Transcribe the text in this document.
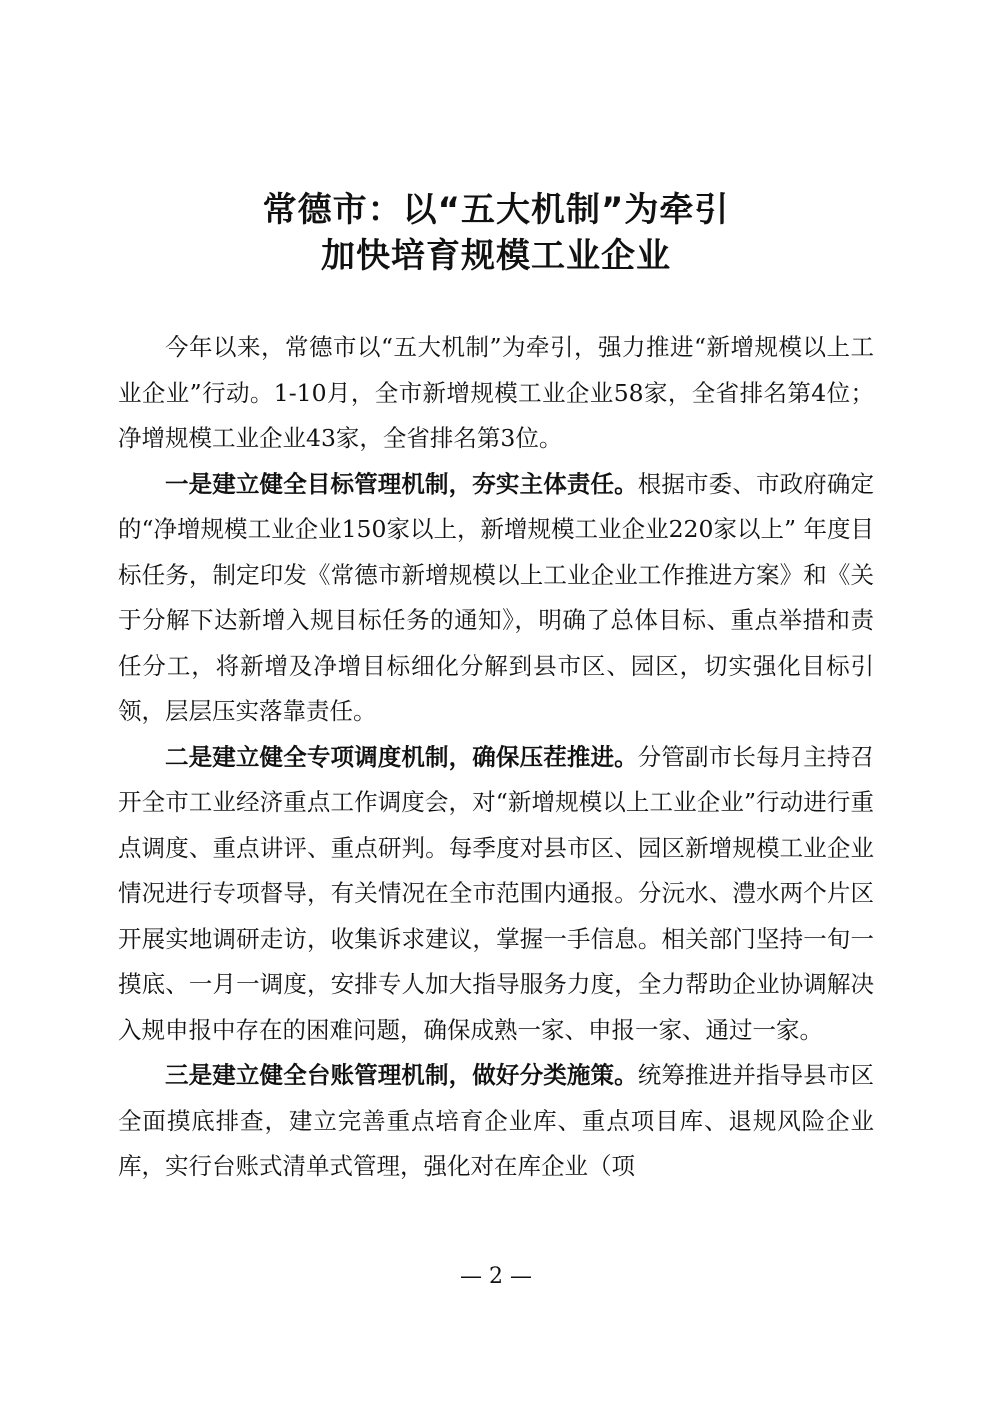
常德市：以“五大机制”为牵引
加快培育规模工业企业

今年以来，常德市以“五大机制”为牵引，强力推进“新增规模以上工业企业”行动。1-10月，全市新增规模工业企业58家，全省排名第4位；净增规模工业企业43家，全省排名第3位。

一是建立健全目标管理机制，夯实主体责任。根据市委、市政府确定的“净增规模工业企业150家以上，新增规模工业企业220家以上” 年度目标任务，制定印发《常德市新增规模以上工业企业工作推进方案》和《关于分解下达新增入规目标任务的通知》，明确了总体目标、重点举措和责任分工，将新增及净增目标细化分解到县市区、园区，切实强化目标引领，层层压实落靠责任。

二是建立健全专项调度机制，确保压茬推进。分管副市长每月主持召开全市工业经济重点工作调度会，对“新增规模以上工业企业”行动进行重点调度、重点讲评、重点研判。每季度对县市区、园区新增规模工业企业情况进行专项督导，有关情况在全市范围内通报。分沅水、澧水两个片区开展实地调研走访，收集诉求建议，掌握一手信息。相关部门坚持一旬一摸底、一月一调度，安排专人加大指导服务力度，全力帮助企业协调解决入规申报中存在的困难问题，确保成熟一家、申报一家、通过一家。

三是建立健全台账管理机制，做好分类施策。统筹推进并指导县市区全面摸底排查，建立完善重点培育企业库、重点项目库、退规风险企业库，实行台账式清单式管理，强化对在库企业（项

— 2 —
